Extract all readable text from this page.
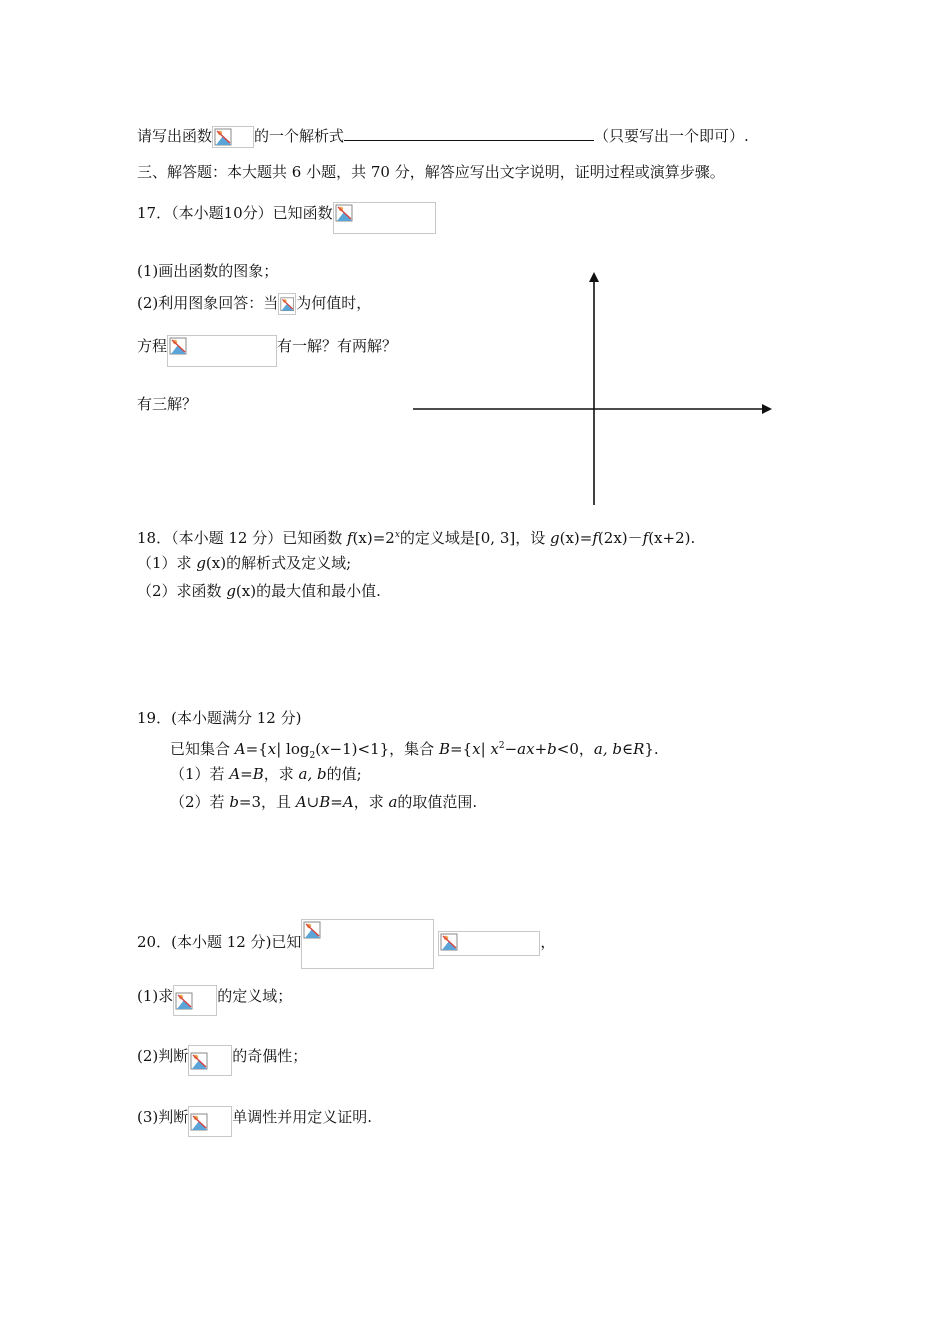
请写出函数	的一个解析式	（只要写出一个即可）.
三、解答题：本大题共 6 小题，共 70 分，解答应写出文字说明，证明过程或演算步骤。
17．（本小题10分）已知函数
(1)画出函数的图象；
(2)利用图象回答：当 为何值时，
方程	有一解？有两解？
有三解？
18．（本小题 12 分）已知函数 $f(x)=2^x$的定义域是[0, 3]，设 g(x)=f(2x)－f(x+2).
（1）求 g(x)的解析式及定义域;
（2）求函数 g(x)的最大值和最小值.
19．(本小题满分 12 分)
已知集合 A={x| $\log_2(x-1)<1$}，集合 B={x| $x^2-ax+b<0$，a, b∈R}.
（1）若 A=B，求 a, b的值;
（2）若 b=3，且 A∪B=A，求 a的取值范围.
20．(本小题 12 分)已知	，
(1)求	的定义域；
(2)判断	的奇偶性；
(3)判断	单调性并用定义证明.
